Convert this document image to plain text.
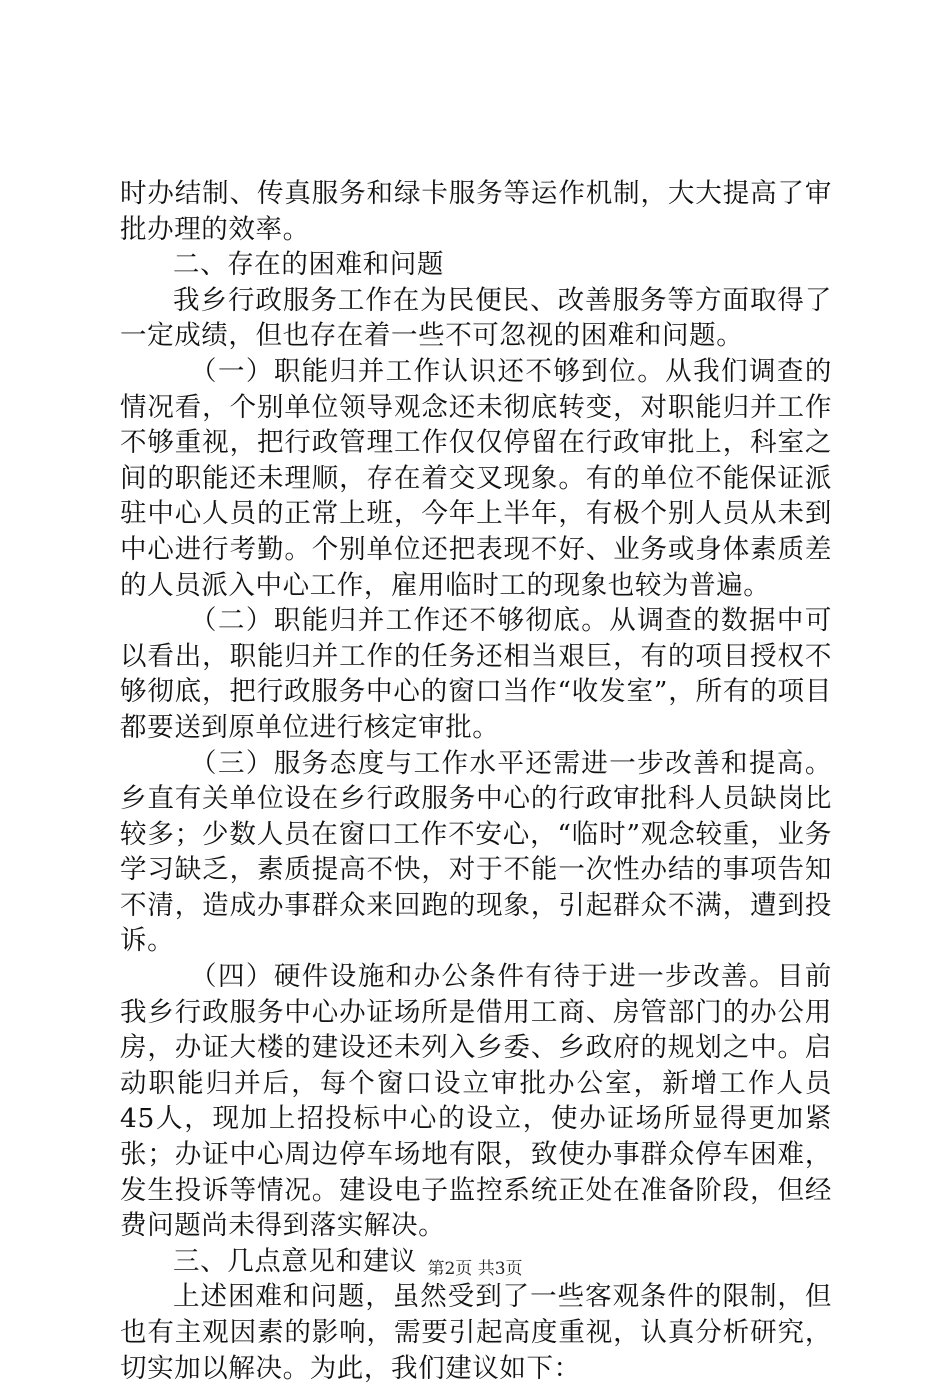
时办结制、传真服务和绿卡服务等运作机制，大大提高了审批办理的效率。

二、存在的困难和问题

我乡行政服务工作在为民便民、改善服务等方面取得了一定成绩，但也存在着一些不可忽视的困难和问题。

（一）职能归并工作认识还不够到位。从我们调查的情况看，个别单位领导观念还未彻底转变，对职能归并工作不够重视，把行政管理工作仅仅停留在行政审批上，科室之间的职能还未理顺，存在着交叉现象。有的单位不能保证派驻中心人员的正常上班，今年上半年，有极个别人员从未到中心进行考勤。个别单位还把表现不好、业务或身体素质差的人员派入中心工作，雇用临时工的现象也较为普遍。

（二）职能归并工作还不够彻底。从调查的数据中可以看出，职能归并工作的任务还相当艰巨，有的项目授权不够彻底，把行政服务中心的窗口当作“收发室”，所有的项目都要送到原单位进行核定审批。

（三）服务态度与工作水平还需进一步改善和提高。乡直有关单位设在乡行政服务中心的行政审批科人员缺岗比较多；少数人员在窗口工作不安心，“临时”观念较重，业务学习缺乏，素质提高不快，对于不能一次性办结的事项告知不清，造成办事群众来回跑的现象，引起群众不满，遭到投诉。

（四）硬件设施和办公条件有待于进一步改善。目前我乡行政服务中心办证场所是借用工商、房管部门的办公用房，办证大楼的建设还未列入乡委、乡政府的规划之中。启动职能归并后，每个窗口设立审批办公室，新增工作人员45人，现加上招投标中心的设立，使办证场所显得更加紧张；办证中心周边停车场地有限，致使办事群众停车困难，发生投诉等情况。建设电子监控系统正处在准备阶段，但经费问题尚未得到落实解决。

三、几点意见和建议

上述困难和问题，虽然受到了一些客观条件的限制，但也有主观因素的影响，需要引起高度重视，认真分析研究，切实加以解决。为此，我们建议如下：

第2页 共3页
